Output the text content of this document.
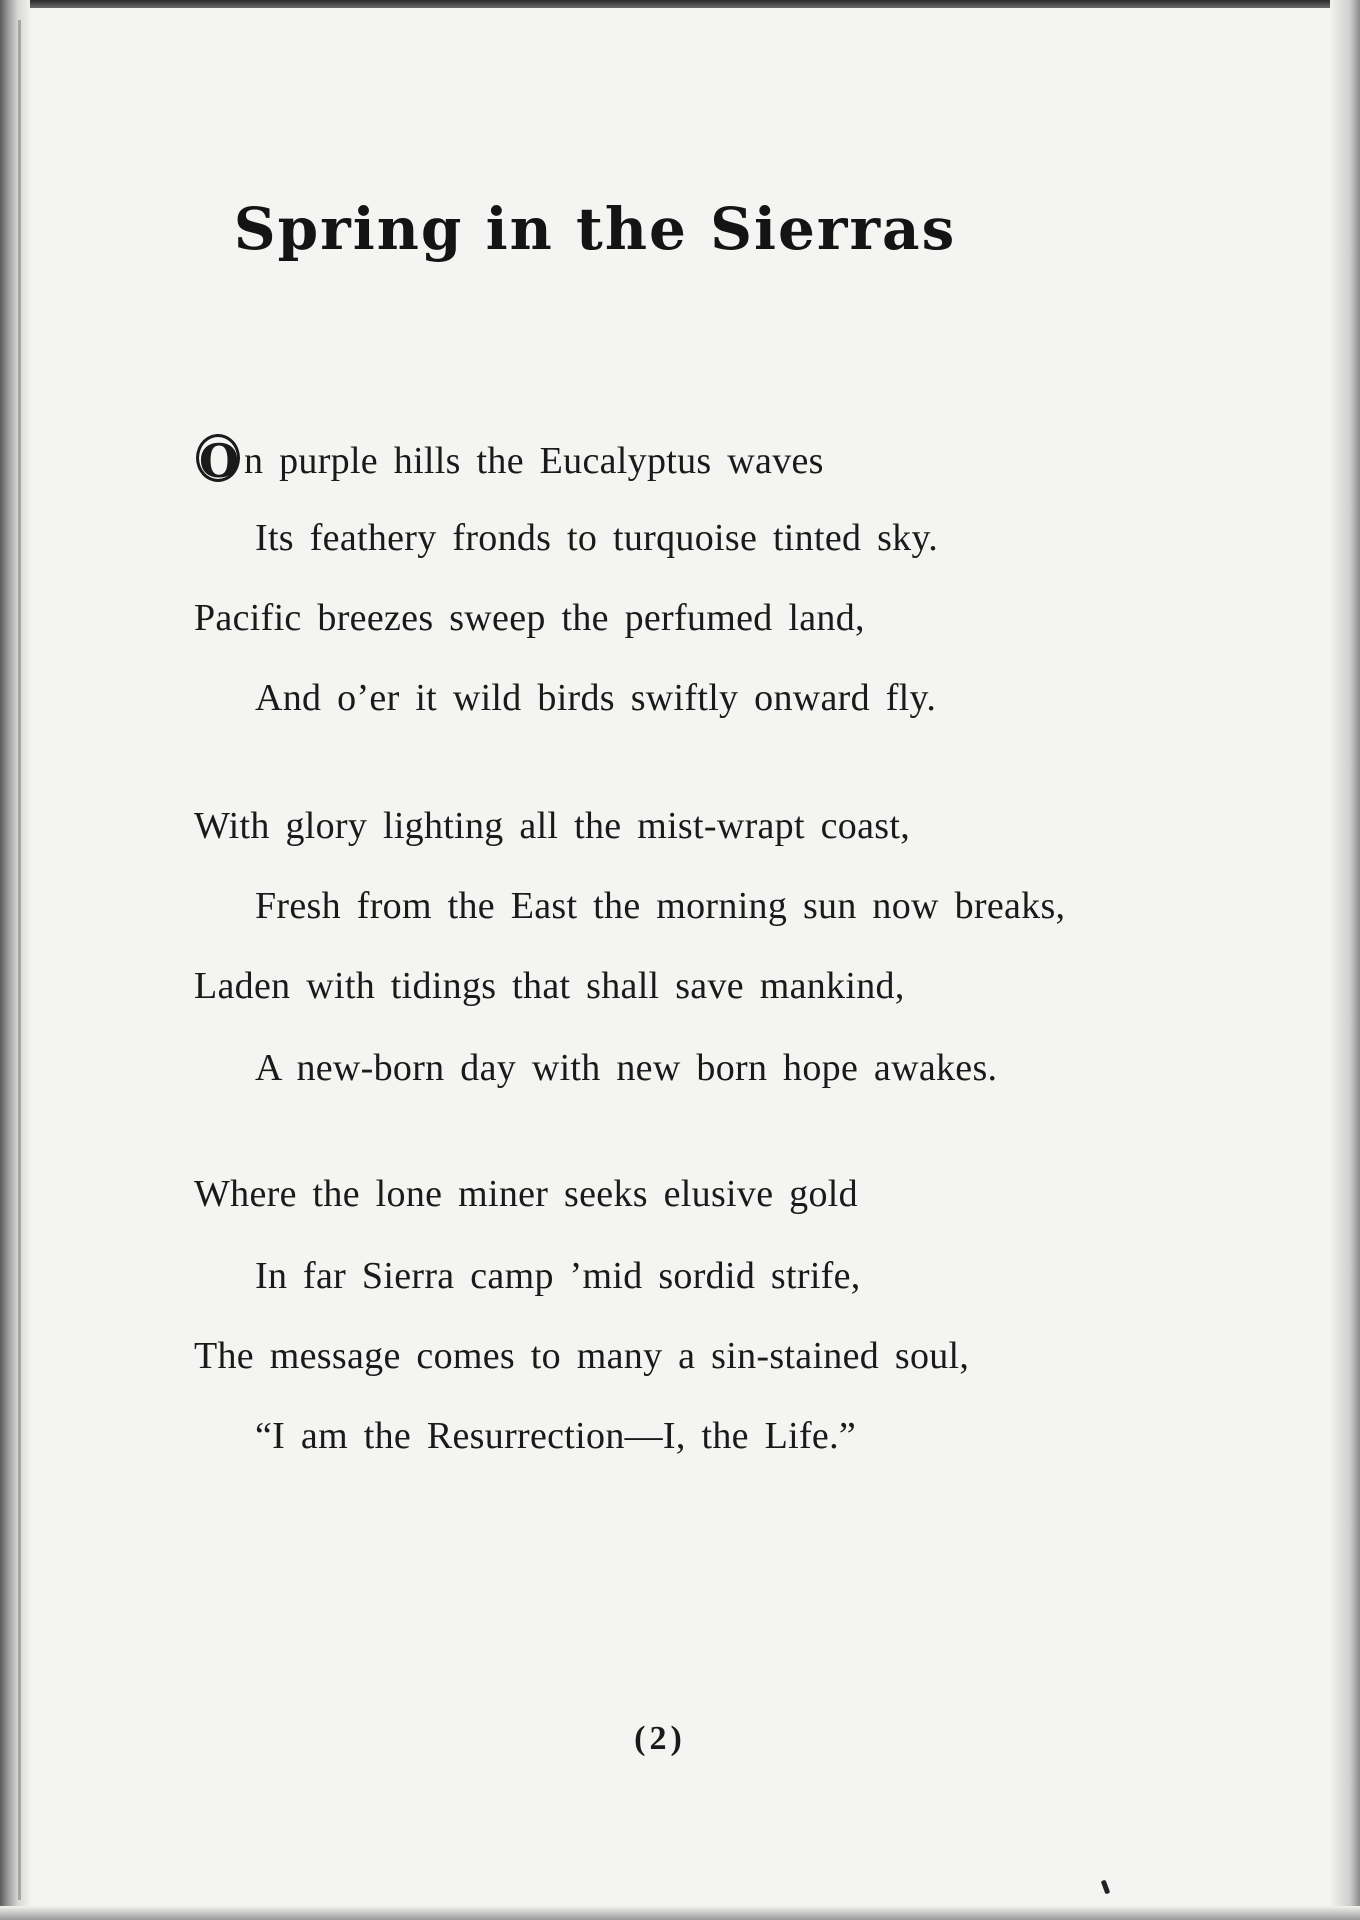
Spring in the Sierras
O n purple hills the Eucalyptus waves
Its feathery fronds to turquoise tinted sky.
Pacific breezes sweep the perfumed land,
And o’er it wild birds swiftly onward fly.
With glory lighting all the mist-wrapt coast,
Fresh from the East the morning sun now breaks,
Laden with tidings that shall save mankind,
A new-born day with new born hope awakes.
Where the lone miner seeks elusive gold
In far Sierra camp ’mid sordid strife,
The message comes to many a sin-stained soul,
“I am the Resurrection—I, the Life.”
(2)
